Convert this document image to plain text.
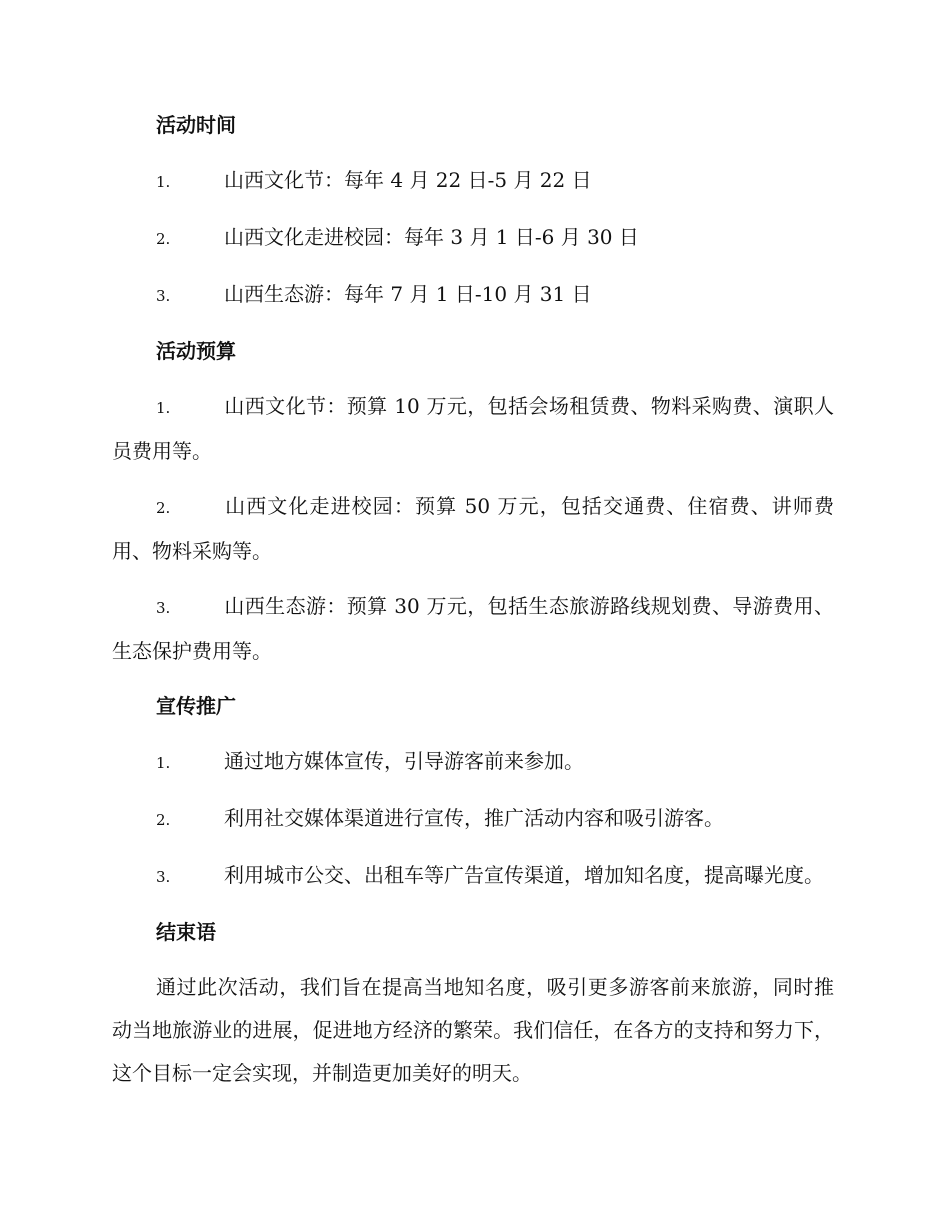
活动时间
1.	山西文化节：每年 4 月 22 日-5 月 22 日
2.	山西文化走进校园：每年 3 月 1 日-6 月 30 日
3.	山西生态游：每年 7 月 1 日-10 月 31 日
活动预算
1.	山西文化节：预算 10 万元，包括会场租赁费、物料采购费、演职人员费用等。
2.	山西文化走进校园：预算 50 万元，包括交通费、住宿费、讲师费用、物料采购等。
3.	山西生态游：预算 30 万元，包括生态旅游路线规划费、导游费用、生态保护费用等。
宣传推广
1.	通过地方媒体宣传，引导游客前来参加。
2.	利用社交媒体渠道进行宣传，推广活动内容和吸引游客。
3.	利用城市公交、出租车等广告宣传渠道，增加知名度，提高曝光度。
结束语
通过此次活动，我们旨在提高当地知名度，吸引更多游客前来旅游，同时推动当地旅游业的进展，促进地方经济的繁荣。我们信任，在各方的支持和努力下，这个目标一定会实现，并制造更加美好的明天。
